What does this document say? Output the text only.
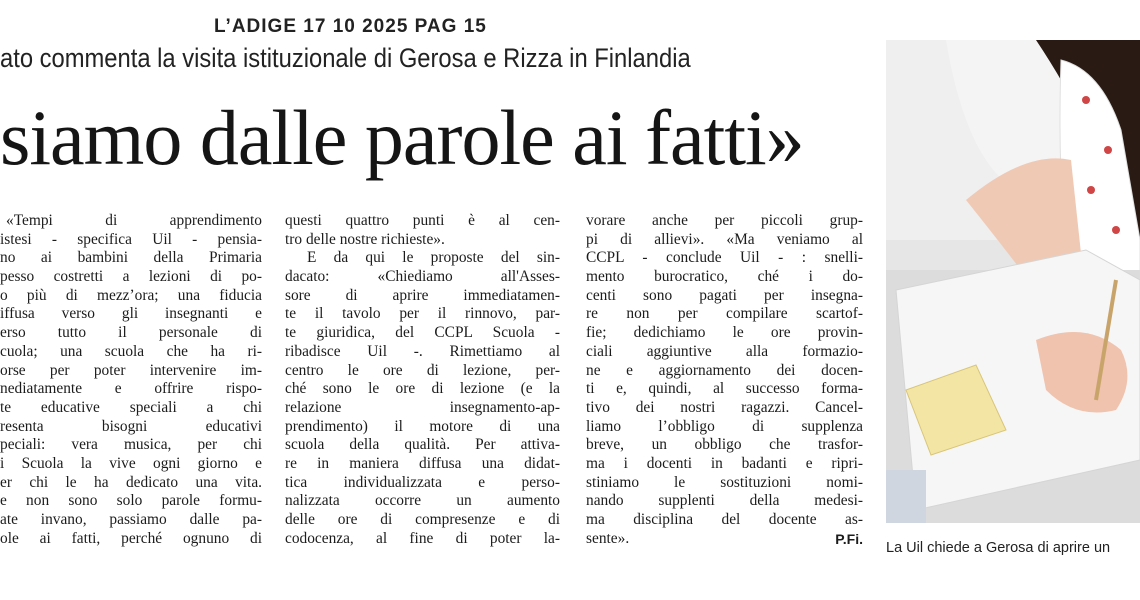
L’ADIGE 17 10 2025 PAG 15
ato commenta la visita istituzionale di Gerosa e Rizza in Finlandia
siamo dalle parole ai fatti»
«Tempi di apprendimento
istesi - specifica Uil - pensia-
no ai bambini della Primaria
pesso costretti a lezioni di po-
o più di mezz’ora; una fiducia
iffusa verso gli insegnanti e
erso tutto il personale di
cuola; una scuola che ha ri-
orse per poter intervenire im-
nediatamente e offrire rispo-
te educative speciali a chi
resenta bisogni educativi
peciali: vera musica, per chi
i Scuola la vive ogni giorno e
er chi le ha dedicato una vita.
e non sono solo parole formu-
ate invano, passiamo dalle pa-
ole ai fatti, perché ognuno di
questi quattro punti è al cen-
tro delle nostre richieste».
E da qui le proposte del sin-
dacato: «Chiediamo all'Asses-
sore di aprire immediatamen-
te il tavolo per il rinnovo, par-
te giuridica, del CCPL Scuola -
ribadisce Uil -. Rimettiamo al
centro le ore di lezione, per-
ché sono le ore di lezione (e la
relazione insegnamento-ap-
prendimento) il motore di una
scuola della qualità. Per attiva-
re in maniera diffusa una didat-
tica individualizzata e perso-
nalizzata occorre un aumento
delle ore di compresenze e di
codocenza, al fine di poter la-
vorare anche per piccoli grup-
pi di allievi». «Ma veniamo al
CCPL - conclude Uil - : snelli-
mento burocratico, ché i do-
centi sono pagati per insegna-
re non per compilare scartof-
fie; dedichiamo le ore provin-
ciali aggiuntive alla formazio-
ne e aggiornamento dei docen-
ti e, quindi, al successo forma-
tivo dei nostri ragazzi. Cancel-
liamo l’obbligo di supplenza
breve, un obbligo che trasfor-
ma i docenti in badanti e ripri-
stiniamo le sostituzioni nomi-
nando supplenti della medesi-
ma disciplina del docente as-
sente».	P.Fi.
La Uil chiede a Gerosa di aprire un
